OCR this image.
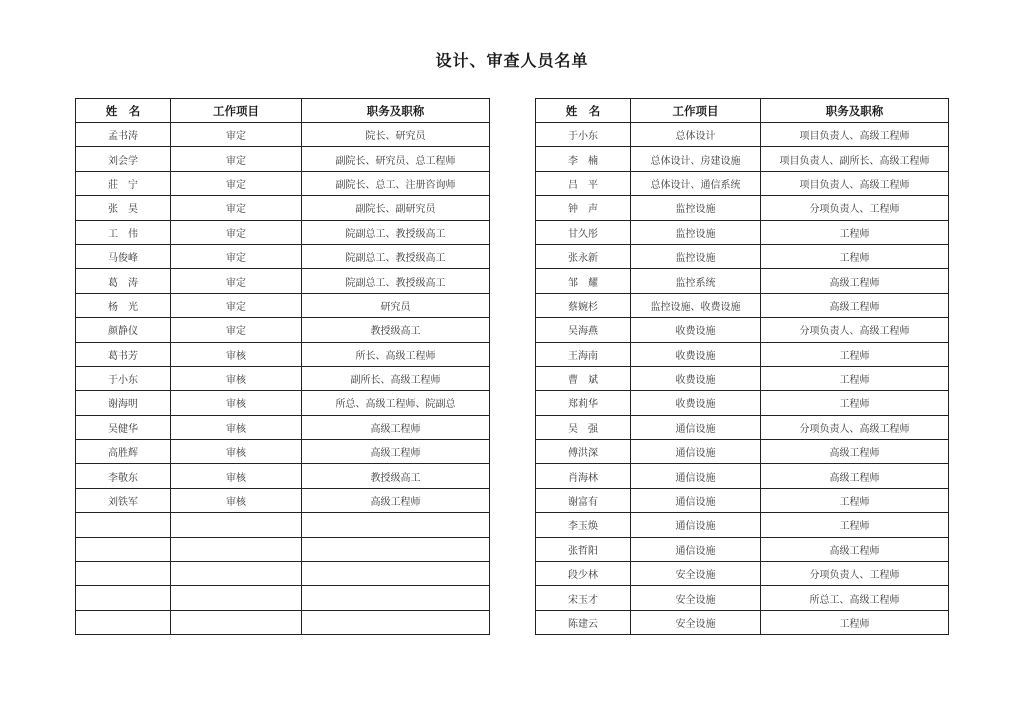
设计、审查人员名单
姓　名	工作项目	职务及职称
孟书涛	审定	院长、研究员
刘会学	审定	副院长、研究员、总工程师
莊　宁	审定	副院长、总工、注册咨询师
张　昊	审定	副院长、副研究员
工　伟	审定	院副总工、教授级高工
马俊峰	审定	院副总工、教授级高工
葛　涛	审定	院副总工、教授级高工
杨　光	审定	研究员
颜静仪	审定	教授级高工
葛书芳	审核	所长、高级工程师
于小东	审核	副所长、高级工程师
谢海明	审核	所总、高级工程师、院副总
吴健华	审核	高级工程师
高胜辉	审核	高级工程师
李敬东	审核	教授级高工
刘铁军	审核	高级工程师

姓　名	工作项目	职务及职称
于小东	总体设计	项目负责人、高级工程师
李　楠	总体设计、房建设施	项目负责人、副所长、高级工程师
吕　平	总体设计、通信系统	项目负责人、高级工程师
钟　声	监控设施	分项负责人、工程师
甘久彤	监控设施	工程师
张永新	监控设施	工程师
邹　耀	监控系统	高级工程师
蔡婉杉	监控设施、收费设施	高级工程师
吴海燕	收费设施	分项负责人、高级工程师
王海南	收费设施	工程师
曹　斌	收费设施	工程师
郑莉华	收费设施	工程师
吴　强	通信设施	分项负责人、高级工程师
傅洪深	通信设施	高级工程师
肖海林	通信设施	高级工程师
谢富有	通信设施	工程师
李玉焕	通信设施	工程师
张哲阳	通信设施	高级工程师
段少林	安全设施	分项负责人、工程师
宋玉才	安全设施	所总工、高级工程师
陈建云	安全设施	工程师
